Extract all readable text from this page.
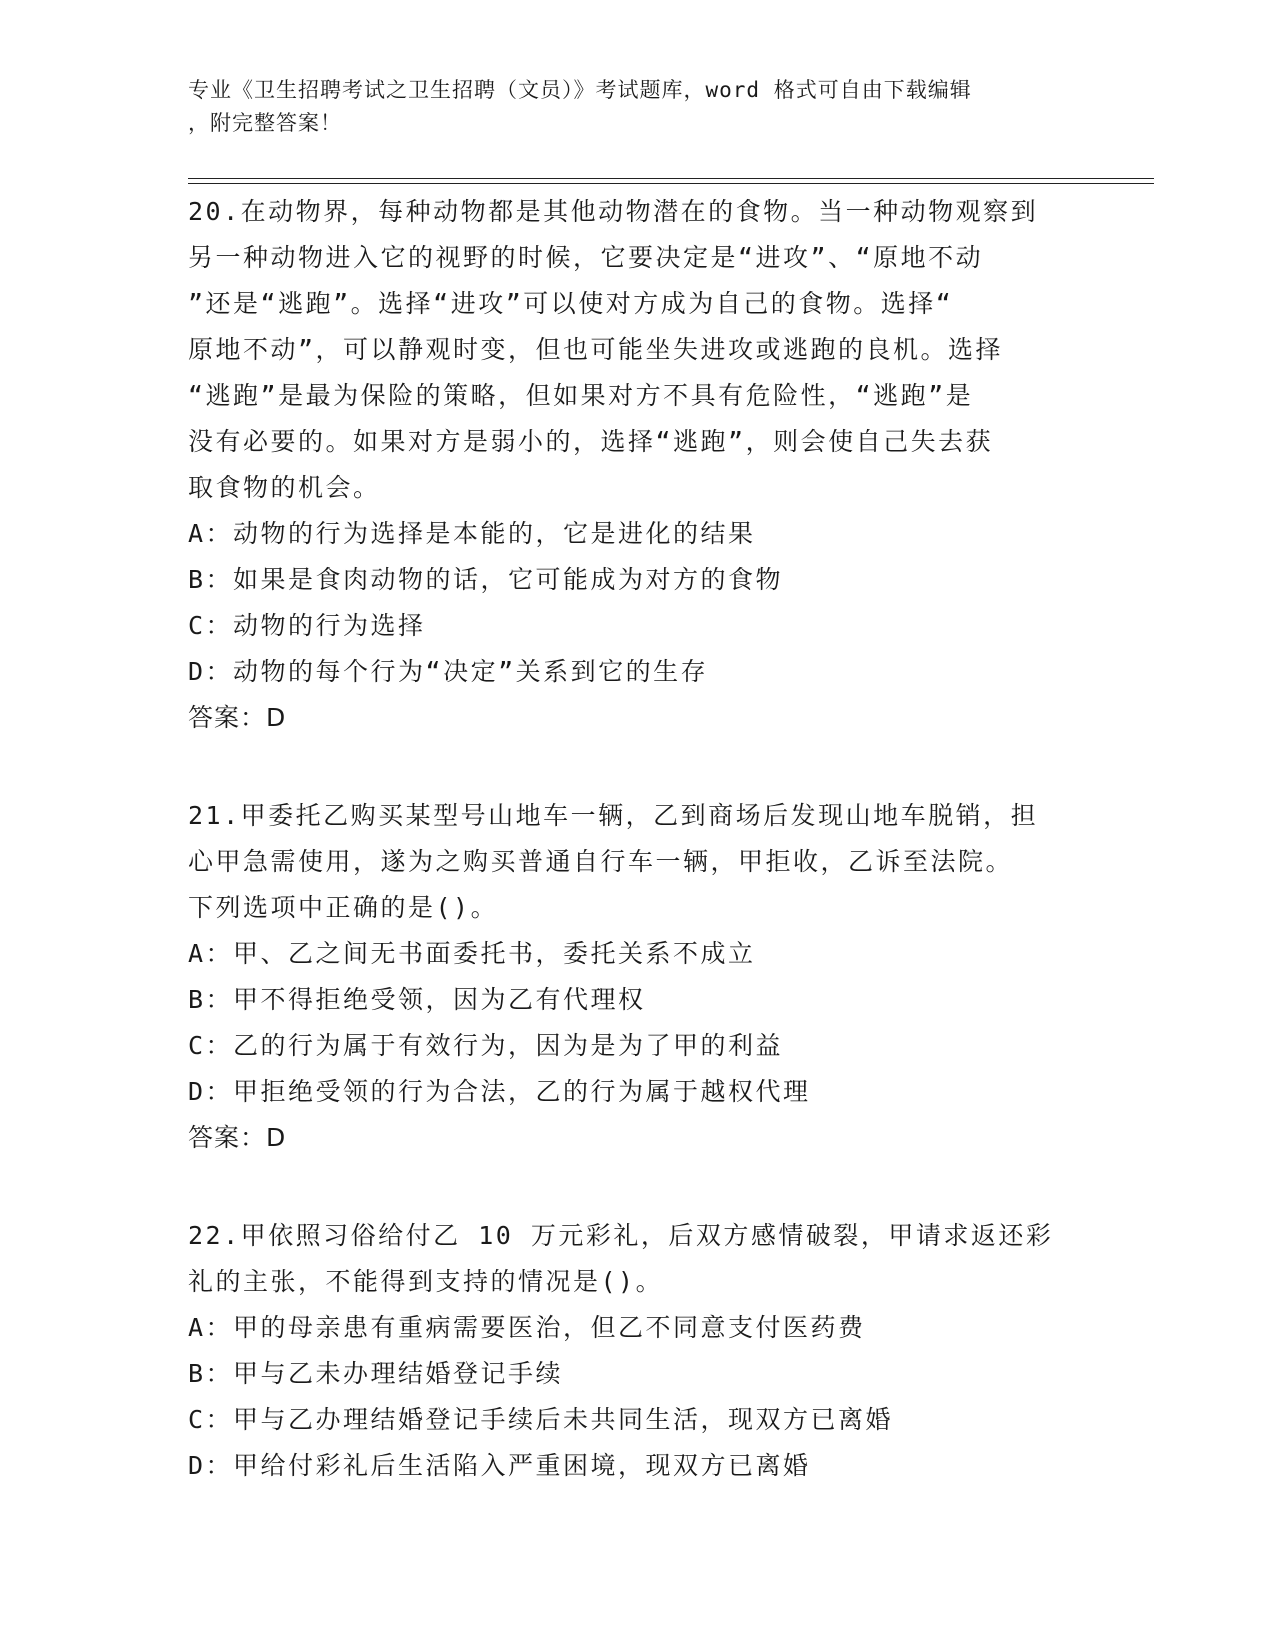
专业《卫生招聘考试之卫生招聘（文员）》考试题库，word 格式可自由下载编辑
，附完整答案！
20.在动物界，每种动物都是其他动物潜在的食物。当一种动物观察到
另一种动物进入它的视野的时候，它要决定是“进攻”、“原地不动
”还是“逃跑”。选择“进攻”可以使对方成为自己的食物。选择“
原地不动”，可以静观时变，但也可能坐失进攻或逃跑的良机。选择
“逃跑”是最为保险的策略，但如果对方不具有危险性，“逃跑”是
没有必要的。如果对方是弱小的，选择“逃跑”，则会使自己失去获
取食物的机会。
A：动物的行为选择是本能的，它是进化的结果
B：如果是食肉动物的话，它可能成为对方的食物
C：动物的行为选择
D：动物的每个行为“决定”关系到它的生存
答案：D
21.甲委托乙购买某型号山地车一辆，乙到商场后发现山地车脱销，担
心甲急需使用，遂为之购买普通自行车一辆，甲拒收，乙诉至法院。
下列选项中正确的是()。
A：甲、乙之间无书面委托书，委托关系不成立
B：甲不得拒绝受领，因为乙有代理权
C：乙的行为属于有效行为，因为是为了甲的利益
D：甲拒绝受领的行为合法，乙的行为属于越权代理
答案：D
22.甲依照习俗给付乙 10 万元彩礼，后双方感情破裂，甲请求返还彩
礼的主张，不能得到支持的情况是()。
A：甲的母亲患有重病需要医治，但乙不同意支付医药费
B：甲与乙未办理结婚登记手续
C：甲与乙办理结婚登记手续后未共同生活，现双方已离婚
D：甲给付彩礼后生活陷入严重困境，现双方已离婚
